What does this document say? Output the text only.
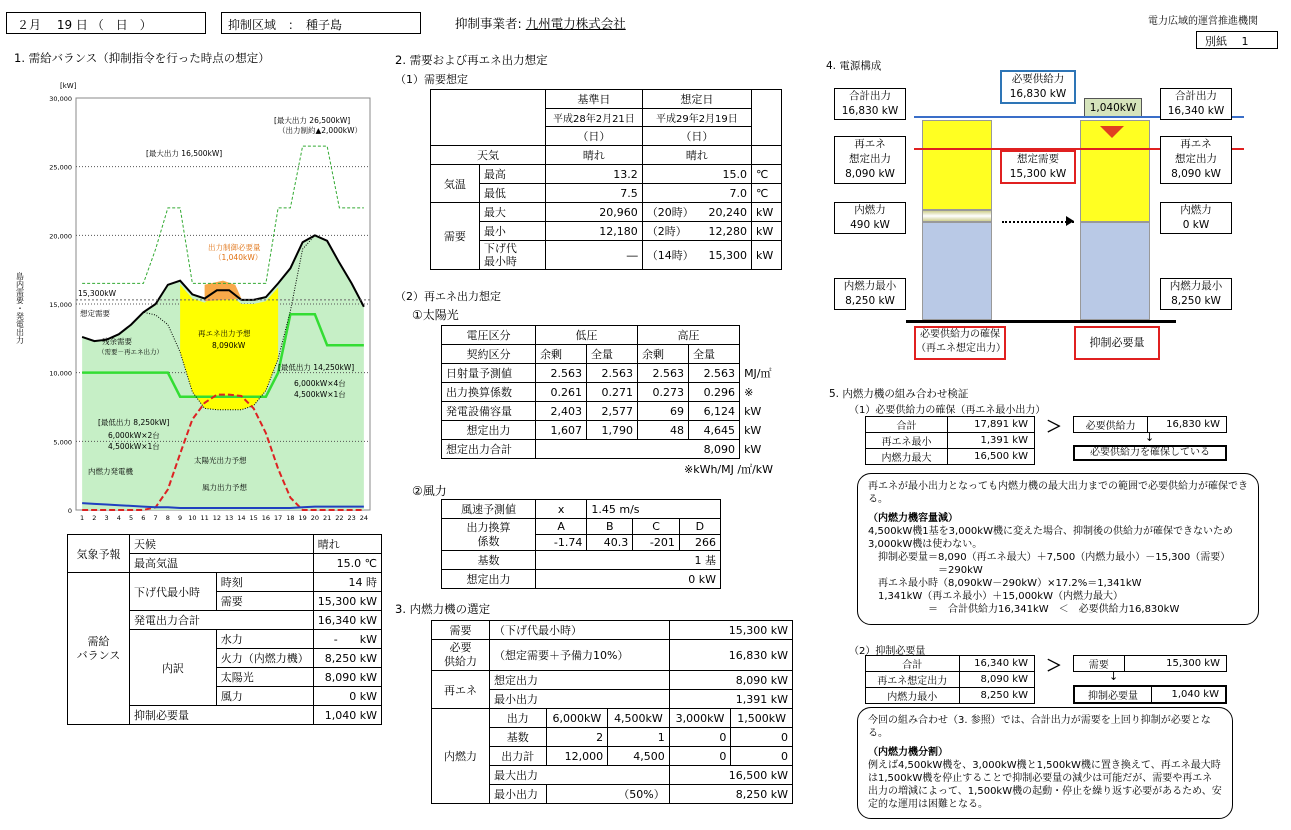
２月　 19 日 （　日　）	抑制区域　：　種子島	抑制事業者: 九州電力株式会社	電力広域的運営推進機関
別紙　 1
1. 需給バランス（抑制指令を行った時点の想定）
0
5,000
10,000
15,000
20,000
25,000
30,000
1 2 3 4 5 6 7 8 9 10 11 12 13 14 15 16 17 18 19 20 21 22 23 24
15,300kW
[最大出力 26,500kW]
（出力制約▲2,000kW）
[最大出力 16,500kW]
出力制御必要量
（1,040kW）
想定需要
残余需要
（需要－再エネ出力）
再エネ出力予想
8,090kW
[最低出力 14,250kW]
6,000kW×4台
4,500kW×1台
[最低出力 8,250kW]
6,000kW×2台
4,500kW×1台
太陽光出力予想
内燃力発電機
風力出力予想
[kW]
島内需要・発電出力
気象予報	天候		晴れ
	最高気温		15.0 ℃
需給
バランス	下げ代最小時	時刻	14 時
		需要	15,300 kW
	発電出力合計		16,340 kW
	内訳	水力	-　　kW
		火力（内燃力機）	8,250 kW
		太陽光	8,090 kW
		風力	0 kW
	抑制必要量		1,040 kW
2. 需要および再エネ出力想定
（1）需要想定
		基準日	想定日		
		平成28年2月21日	平成29年2月19日		
		（日）	（日）		
天気		晴れ	晴れ		
気温	最高	13.2	15.0		℃
	最低	7.5	7.0		℃
需要	最大	20,960	（20時）	20,240	kW
	最小	12,180	（2時）	12,280	kW
	下げ代
最小時	―	（14時）	15,300	kW
（2）再エネ出力想定
①太陽光
電圧区分	低圧		高圧		
契約区分	余剰	全量	余剰	全量	
日射量予測値	2.563	2.563	2.563	2.563	MJ/㎡
出力換算係数	0.261	0.271	0.273	0.296	※
発電設備容量	2,403	2,577	69	6,124	kW
想定出力	1,607	1,790	48	4,645	kW
想定出力合計	8,090				kW
※kWh/MJ /㎡/kW
②風力
風速予測値	x	1.45 m/s		
出力換算
係数	A	B	C	D
	-1.74	40.3	-201	266
基数	1 基			
想定出力	0 kW			
3. 内燃力機の選定
需要	（下げ代最小時）			15,300 kW	
必要
供給力	（想定需要＋予備力10%）			16,830 kW	
再エネ	想定出力			8,090 kW	
	最小出力			1,391 kW	
内燃力	出力	6,000kW	4,500kW	3,000kW	1,500kW
	基数	2	1	0	0
	出力計	12,000	4,500	0	0
	最大出力			16,500 kW	
	最小出力	（50%）		8,250 kW	
4. 電源構成
1,040kW
合計出力
16,830 kW
必要供給力
16,830 kW	合計出力
16,340 kW
再エネ
想定出力
8,090 kW
想定需要
15,300 kW
再エネ
想定出力
8,090 kW
内燃力
490 kW
内燃力
0 kW
内燃力最小
8,250 kW
内燃力最小
8,250 kW
必要供給力の確保
（再エネ想定出力）	抑制必要量
5. 内燃力機の組み合わせ検証
（1）必要供給力の確保（再エネ最小出力）
合計	17,891 kW
再エネ最小	1,391 kW
内燃力最大	16,500 kW
＞ 必要供給力	16,830 kW
↓
必要供給力を確保している
再エネが最小出力となっても内燃力機の最大出力までの範囲で必要供給力が確保できる。
（内燃力機容量減）
4,500kW機1基を3,000kW機に変えた場合、抑制後の供給力が確保できないため3,000kW機は使わない。
抑制必要量＝8,090（再エネ最大）＋7,500（内燃力最小）－15,300（需要）
＝290kW
再エネ最小時（8,090kW－290kW）×17.2%＝1,341kW
1,341kW（再エネ最小）＋15,000kW（内燃力最大）
＝　合計供給力16,341kW　＜　必要供給力16,830kW
（2）抑制必要量
合計	16,340 kW
再エネ想定出力	8,090 kW
内燃力最小	8,250 kW
＞	需要	15,300 kW
↓
抑制必要量	1,040 kW
今回の組み合わせ（3. 参照）では、合計出力が需要を上回り抑制が必要となる。
（内燃力機分割）
例えば4,500kW機を、3,000kW機と1,500kW機に置き換えて、再エネ最大時は1,500kW機を停止することで抑制必要量の減少は可能だが、需要や再エネ出力の増減によって、1,500kW機の起動・停止を繰り返す必要があるため、安定的な運用は困難となる。
